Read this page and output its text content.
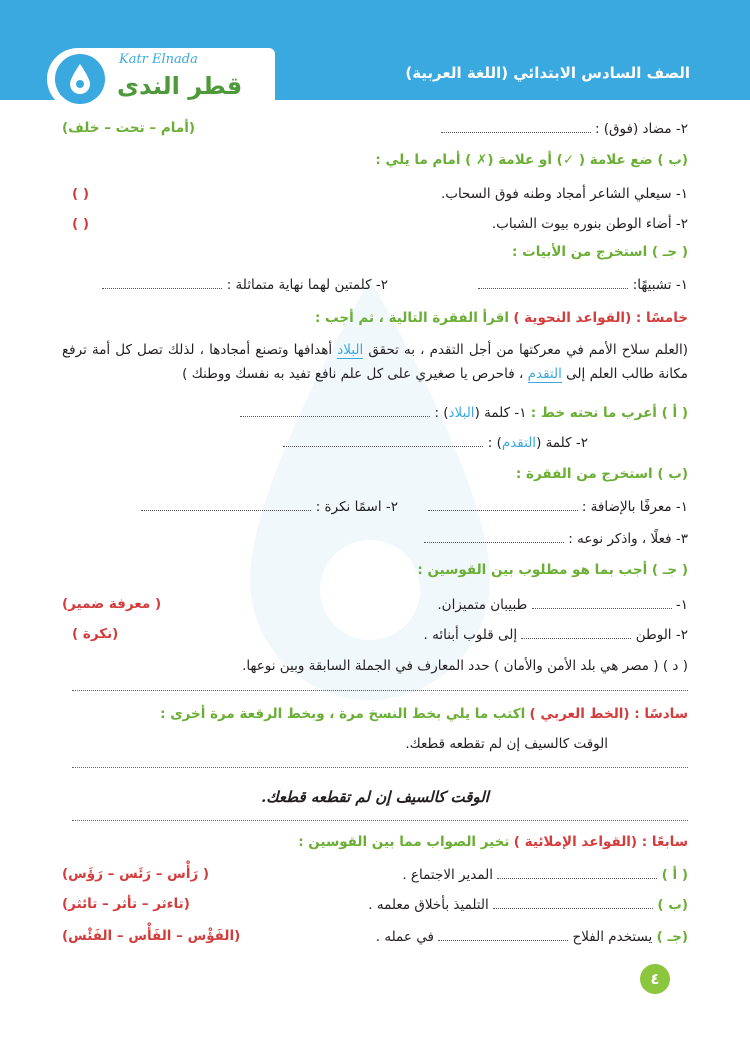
الصف السادس الابتدائي (اللغة العربية)
Katr Elnada
قطر الندى
٢- مضاد (فوق) :
(أمام – تحت – خلف)
(ب ) ضع علامة ( ✓) أو علامة (✗ ) أمام ما يلي :
١- سيعلي الشاعر أمجاد وطنه فوق السحاب.
( )
٢- أضاء الوطن بنوره بيوت الشباب.
( )
( جـ ) استخرج من الأبيات :
١- تشبيهًا:
٢- كلمتين لهما نهاية متماثلة :
خامسًا : (القواعد النحوية ) اقرأ الفقرة التالية ، ثم أجب :
(العلم سلاح الأمم في معركتها من أجل التقدم ، به تحقق البلاد أهدافها وتصنع أمجادها ، لذلك تصل كل أمة ترفع مكانة طالب العلم إلى التقدم ، فاحرص يا صغيري على كل علم نافع تفيد به نفسك ووطنك )
( أ ) أعرب ما تحته خط : ١- كلمة (البلاد) :
٢- كلمة (التقدم) :
(ب ) استخرج من الفقرة :
١- معرفًا بالإضافة :
٢- اسمًا نكرة :
٣- فعلًا ، واذكر نوعه :
( جـ ) أجب بما هو مطلوب بين القوسين :
١-  طبيبان متميزان.
( معرفة ضمير)
٢- الوطن  إلى قلوب أبنائه .
(نكرة )
( د ) ( مصر هي بلد الأمن والأمان ) حدد المعارف في الجملة السابقة وبين نوعها.
سادسًا : (الخط العربي ) اكتب ما يلي بخط النسخ مرة ، وبخط الرقعة مرة أخرى :
الوقت كالسيف إن لم تقطعه قطعك.
الوقت كالسيف إن لم تقطعه قطعك.
سابعًا : (القواعد الإملائية ) تخير الصواب مما بين القوسين :
( أ )  المدير الاجتماع .
( رَأْس – رَئَس – رَؤَس)
(ب )  التلميذ بأخلاق معلمه .
(تاءثر – تأثر – تائثر)
(جـ ) يستخدم الفلاح  في عمله .
(الفَؤْس – الفَأْس – الفَئْس)
٤
